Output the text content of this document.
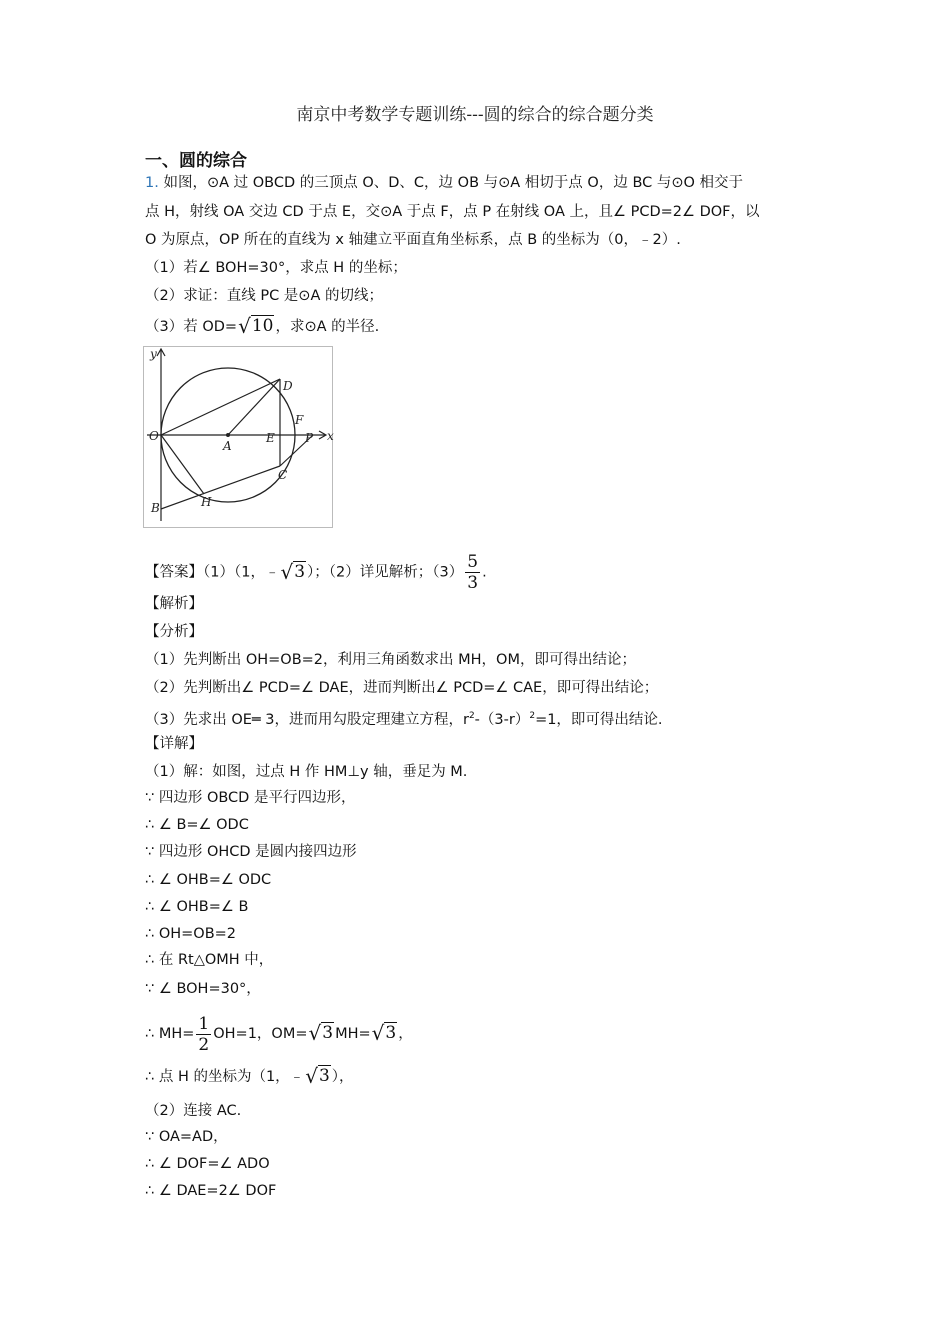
南京中考数学专题训练---圆的综合的综合题分类
一、圆的综合
1. 如图，⊙A 过 OBCD 的三顶点 O、D、C，边 OB 与⊙A 相切于点 O，边 BC 与⊙O 相交于
点 H，射线 OA 交边 CD 于点 E，交⊙A 于点 F，点 P 在射线 OA 上，且∠ PCD=2∠ DOF，以
O 为原点，OP 所在的直线为 x 轴建立平面直角坐标系，点 B 的坐标为（0，﹣2）.
（1）若∠ BOH=30°，求点 H 的坐标；
（2）求证：直线 PC 是⊙A 的切线；
（3）若 OD=√10 ，求⊙A 的半径.
y
x
O
A
E
D
F
P
C
H
B
【答案】（1）（1，﹣√3 ）；（2）详见解析；$(3) \frac{5}{3}$ .
【解析】
【分析】
（1）先判断出 OH=OB=2，利用三角函数求出 MH，OM，即可得出结论；
（2）先判断出∠ PCD=∠ DAE，进而判断出∠ PCD=∠ CAE，即可得出结论；
（3）先求出 OE═ 3，进而用勾股定理建立方程，$r^2-(3-r)^2=1$，即可得出结论.
【详解】
（1）解：如图，过点 H 作 HM⊥y 轴，垂足为 M.
∵ 四边形 OBCD 是平行四边形，
∴ ∠ B=∠ ODC
∵ 四边形 OHCD 是圆内接四边形
∴ ∠ OHB=∠ ODC
∴ ∠ OHB=∠ B
∴ OH=OB=2
∴ 在 Rt△OMH 中，
∵ ∠ BOH=30°，
∴ $MH= \frac{1}{2} OH=1$，OM=√3 MH=√3 ，
∴ 点 H 的坐标为（1，﹣√3 ），
（2）连接 AC.
∵ OA=AD，
∴ ∠ DOF=∠ ADO
∴ ∠ DAE=2∠ DOF
